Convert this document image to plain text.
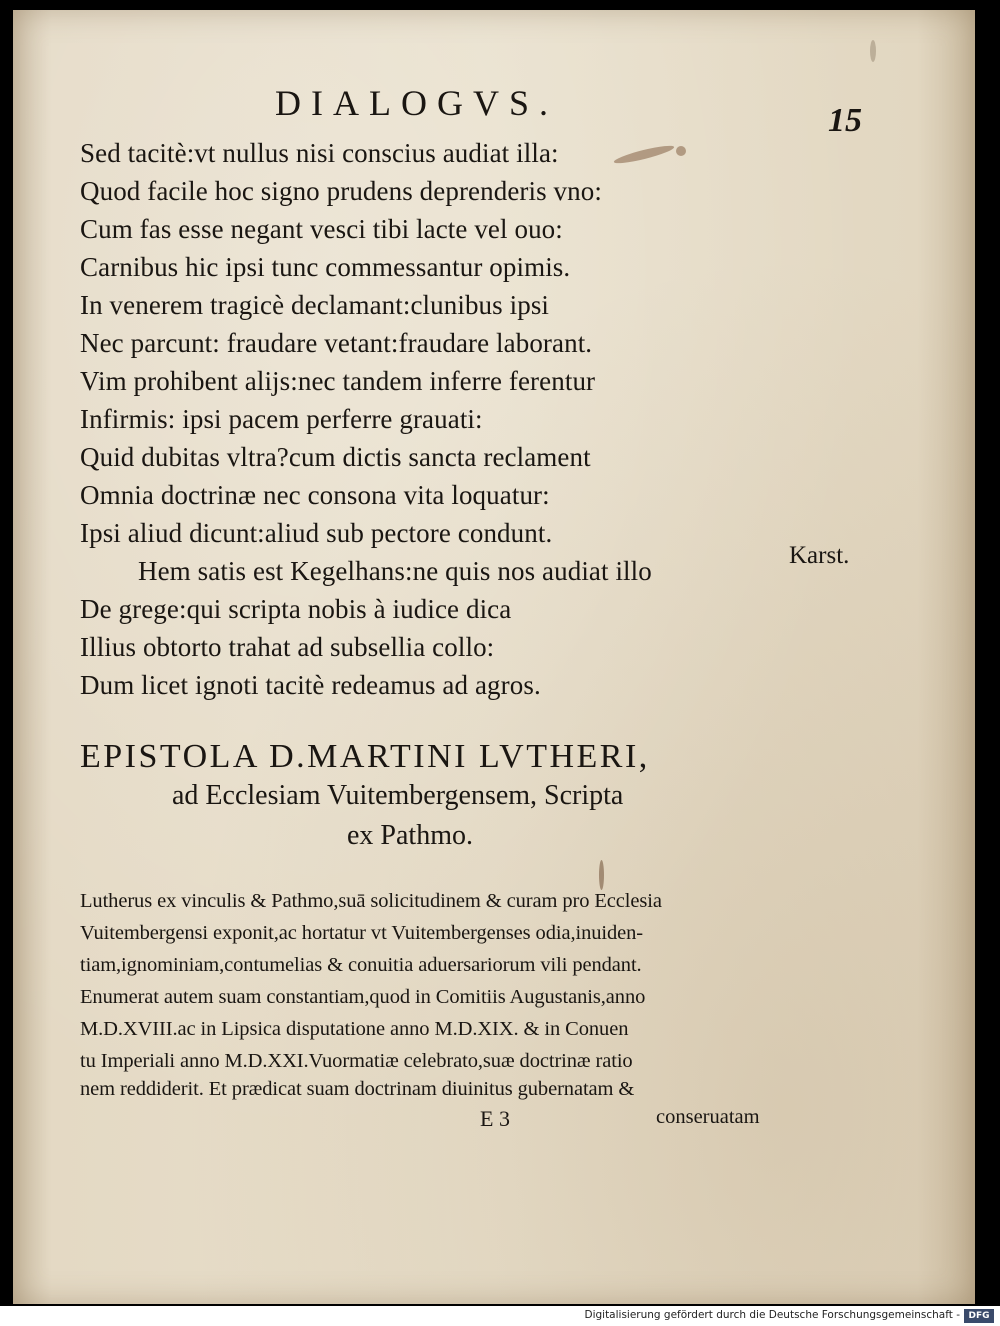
DIALOGVS.	15
Sed tacitè:vt nullus nisi conscius audiat illa:
Quod facile hoc signo prudens deprenderis vno:
Cum fas esse negant vesci tibi lacte vel ouo:
Carnibus hic ipsi tunc commessantur opimis.
In venerem tragicè declamant:clunibus ipsi
Nec parcunt: fraudare vetant:fraudare laborant.
Vim prohibent alijs:nec tandem inferre ferentur
Infirmis: ipsi pacem perferre grauati:
Quid dubitas vltra?cum dictis sancta reclament
Omnia doctrinæ nec consona vita loquatur:
Ipsi aliud dicunt:aliud sub pectore condunt.
Hem satis est Kegelhans:ne quis nos audiat illo
De grege:qui scripta nobis à iudice dica
Illius obtorto trahat ad subsellia collo:
Dum licet ignoti tacitè redeamus ad agros.
Karst.
EPISTOLA D.MARTINI LVTHERI,
ad Ecclesiam Vuitembergensem, Scripta
ex Pathmo.
Lutherus ex vinculis & Pathmo,suā solicitudinem & curam pro Ecclesia
Vuitembergensi exponit,ac hortatur vt Vuitembergenses odia,inuiden-
tiam,ignominiam,contumelias & conuitia aduersariorum vili pendant.
Enumerat autem suam constantiam,quod in Comitiis Augustanis,anno
M.D.XVIII.ac in Lipsica disputatione anno M.D.XIX. & in Conuen
tu Imperiali anno M.D.XXI.Vuormatiæ celebrato,suæ doctrinæ ratio
nem reddiderit. Et prædicat suam doctrinam diuinitus gubernatam &
E 3	conseruatam
Digitalisierung gefördert durch die Deutsche Forschungsgemeinschaft - DFG
